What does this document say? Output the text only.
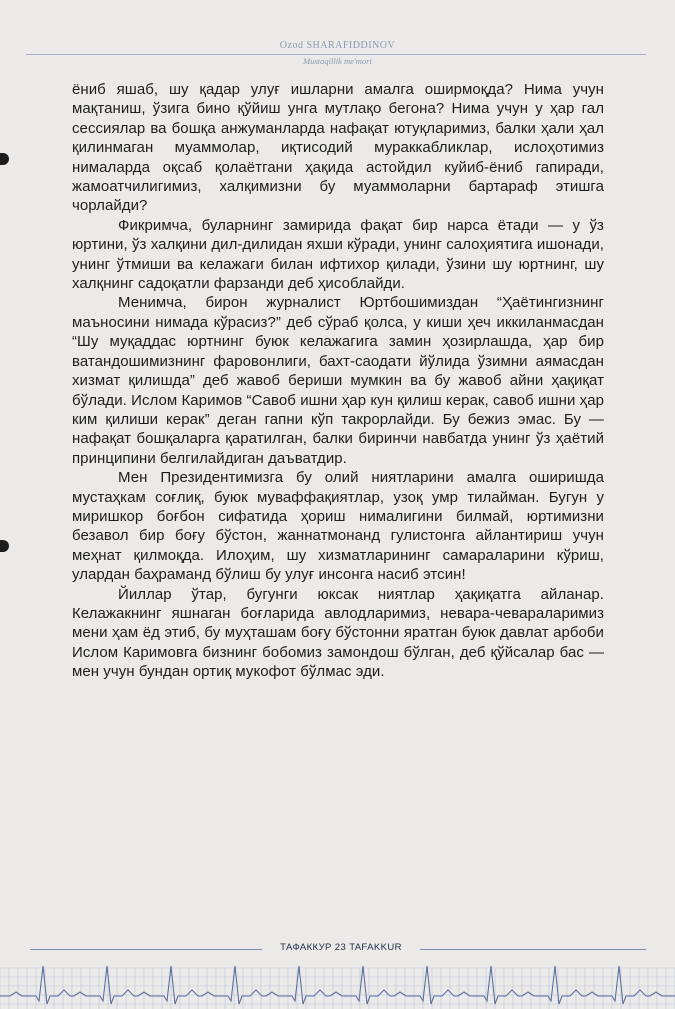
Ozod SHARAFIDDINOV
Mustaqillik me'mori

ёниб яшаб, шу қадар улуғ ишларни амалга оширмоқда? Нима учун мақтаниш, ўзига бино қўйиш унга мутлақо бегона? Нима учун у ҳар гал сессиялар ва бошқа анжуманларда нафақат ютуқларимиз, балки ҳали ҳал қилинмаган муаммолар, иқтисодий мураккабликлар, ислоҳотимиз нималарда оқсаб қолаётгани ҳақида астойдил куйиб-ёниб гапиради, жамоатчилигимиз, халқимизни бу муаммоларни бартараф этишга чорлайди?

Фикримча, буларнинг замирида фақат бир нарса ётади — у ўз юртини, ўз халқини дил-дилидан яхши кўради, унинг салоҳиятига ишонади, унинг ўтмиши ва келажаги билан ифтихор қилади, ўзини шу юртнинг, шу халқнинг садоқатли фарзанди деб ҳисоблайди.

Менимча, бирон журналист Юртбошимиздан “Ҳаётингизнинг маъносини нимада кўрасиз?” деб сўраб қолса, у киши ҳеч иккиланмасдан “Шу муқаддас юртнинг буюк келажагига замин ҳозирлашда, ҳар бир ватандошимизнинг фаровонлиги, бахт-саодати йўлида ўзимни аямасдан хизмат қилишда” деб жавоб бериши мумкин ва бу жавоб айни ҳақиқат бўлади. Ислом Каримов “Савоб ишни ҳар кун қилиш керак, савоб ишни ҳар ким қилиши керак” деган гапни кўп такрорлайди. Бу бежиз эмас. Бу — нафақат бошқаларга қаратилган, балки биринчи навбатда унинг ўз ҳаётий принципини белгилайдиган даъватдир.

Мен Президентимизга бу олий ниятларини амалга оширишда мустаҳкам соғлиқ, буюк муваффақиятлар, узоқ умр тилайман. Бугун у миришкор боғбон сифатида ҳориш нималигини билмай, юртимизни безавол бир боғу бўстон, жаннатмонанд гулистонга айлантириш учун меҳнат қилмоқда. Илоҳим, шу хизматларининг самараларини кўриш, улардан баҳраманд бўлиш бу улуғ инсонга насиб этсин!

Йиллар ўтар, бугунги юксак ниятлар ҳақиқатга айланар. Келажакнинг яшнаган боғларида авлодларимиз, невара-чевараларимиз мени ҳам ёд этиб, бу муҳташам боғу бўстонни яратган буюк давлат арбоби Ислом Каримовга бизнинг бобомиз замондош бўлган, деб қўйсалар бас — мен учун бундан ортиқ мукофот бўлмас эди.

ТАФАККУР 23 TAFAKKUR
